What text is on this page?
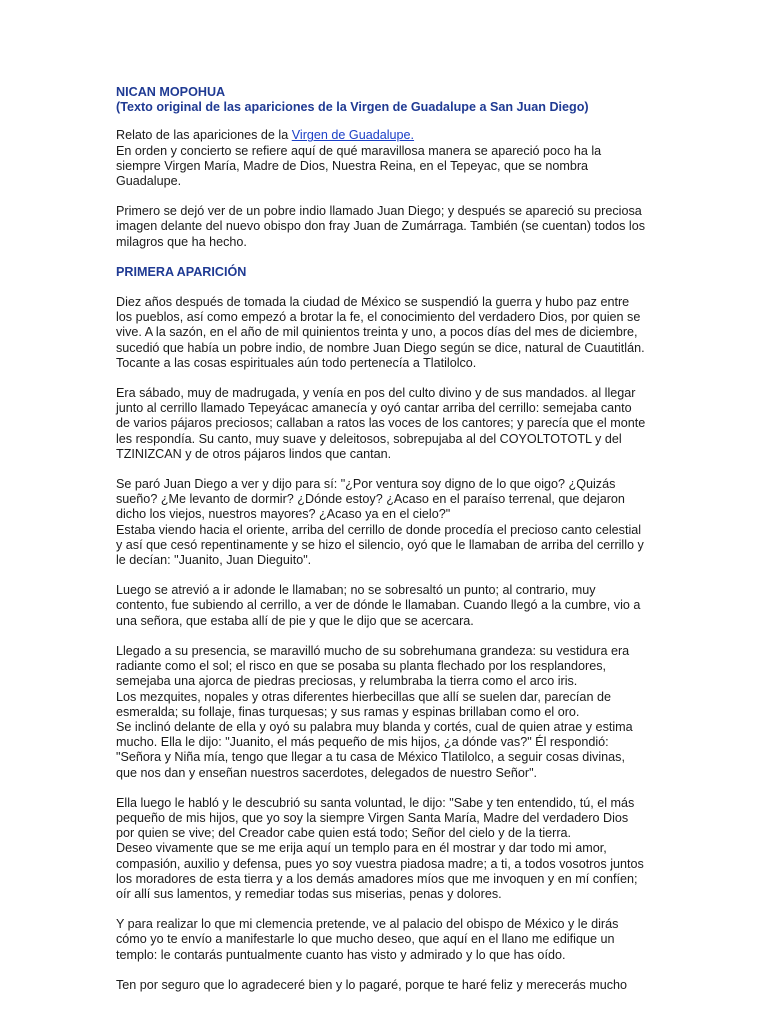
NICAN MOPOHUA
(Texto original de las apariciones de la Virgen de Guadalupe a San Juan Diego)

Relato de las apariciones de la Virgen de Guadalupe.
En orden y concierto se refiere aquí de qué maravillosa manera se apareció poco ha la siempre Virgen María, Madre de Dios, Nuestra Reina, en el Tepeyac, que se nombra Guadalupe.

Primero se dejó ver de un pobre indio llamado Juan Diego; y después se apareció su preciosa imagen delante del nuevo obispo don fray Juan de Zumárraga. También (se cuentan) todos los milagros que ha hecho.

PRIMERA APARICIÓN

Diez años después de tomada la ciudad de México se suspendió la guerra y hubo paz entre los pueblos, así como empezó a brotar la fe, el conocimiento del verdadero Dios, por quien se vive. A la sazón, en el año de mil quinientos treinta y uno, a pocos días del mes de diciembre, sucedió que había un pobre indio, de nombre Juan Diego según se dice, natural de Cuautitlán. Tocante a las cosas espirituales aún todo pertenecía a Tlatilolco.

Era sábado, muy de madrugada, y venía en pos del culto divino y de sus mandados. al llegar junto al cerrillo llamado Tepeyácac amanecía y oyó cantar arriba del cerrillo: semejaba canto de varios pájaros preciosos; callaban a ratos las voces de los cantores; y parecía que el monte les respondía. Su canto, muy suave y deleitosos, sobrepujaba al del COYOLTOTOTL y del TZINIZCAN y de otros pájaros lindos que cantan.

Se paró Juan Diego a ver y dijo para sí: "¿Por ventura soy digno de lo que oigo? ¿Quizás sueño? ¿Me levanto de dormir? ¿Dónde estoy? ¿Acaso en el paraíso terrenal, que dejaron dicho los viejos, nuestros mayores? ¿Acaso ya en el cielo?"
Estaba viendo hacia el oriente, arriba del cerrillo de donde procedía el precioso canto celestial y así que cesó repentinamente y se hizo el silencio, oyó que le llamaban de arriba del cerrillo y le decían: "Juanito, Juan Dieguito".

Luego se atrevió a ir adonde le llamaban; no se sobresaltó un punto; al contrario, muy contento, fue subiendo al cerrillo, a ver de dónde le llamaban. Cuando llegó a la cumbre, vio a una señora, que estaba allí de pie y que le dijo que se acercara.

Llegado a su presencia, se maravilló mucho de su sobrehumana grandeza: su vestidura era radiante como el sol; el risco en que se posaba su planta flechado por los resplandores, semejaba una ajorca de piedras preciosas, y relumbraba la tierra como el arco iris.
Los mezquites, nopales y otras diferentes hierbecillas que allí se suelen dar, parecían de esmeralda; su follaje, finas turquesas; y sus ramas y espinas brillaban como el oro.
Se inclinó delante de ella y oyó su palabra muy blanda y cortés, cual de quien atrae y estima mucho. Ella le dijo: "Juanito, el más pequeño de mis hijos, ¿a dónde vas?" Él respondió: "Señora y Niña mía, tengo que llegar a tu casa de México Tlatilolco, a seguir cosas divinas, que nos dan y enseñan nuestros sacerdotes, delegados de nuestro Señor".

Ella luego le habló y le descubrió su santa voluntad, le dijo: "Sabe y ten entendido, tú, el más pequeño de mis hijos, que yo soy la siempre Virgen Santa María, Madre del verdadero Dios por quien se vive; del Creador cabe quien está todo; Señor del cielo y de la tierra.
Deseo vivamente que se me erija aquí un templo para en él mostrar y dar todo mi amor, compasión, auxilio y defensa, pues yo soy vuestra piadosa madre; a ti, a todos vosotros juntos los moradores de esta tierra y a los demás amadores míos que me invoquen y en mí confíen; oír allí sus lamentos, y remediar todas sus miserias, penas y dolores.

Y para realizar lo que mi clemencia pretende, ve al palacio del obispo de México y le dirás cómo yo te envío a manifestarle lo que mucho deseo, que aquí en el llano me edifique un templo: le contarás puntualmente cuanto has visto y admirado y lo que has oído.

Ten por seguro que lo agradeceré bien y lo pagaré, porque te haré feliz y merecerás mucho
